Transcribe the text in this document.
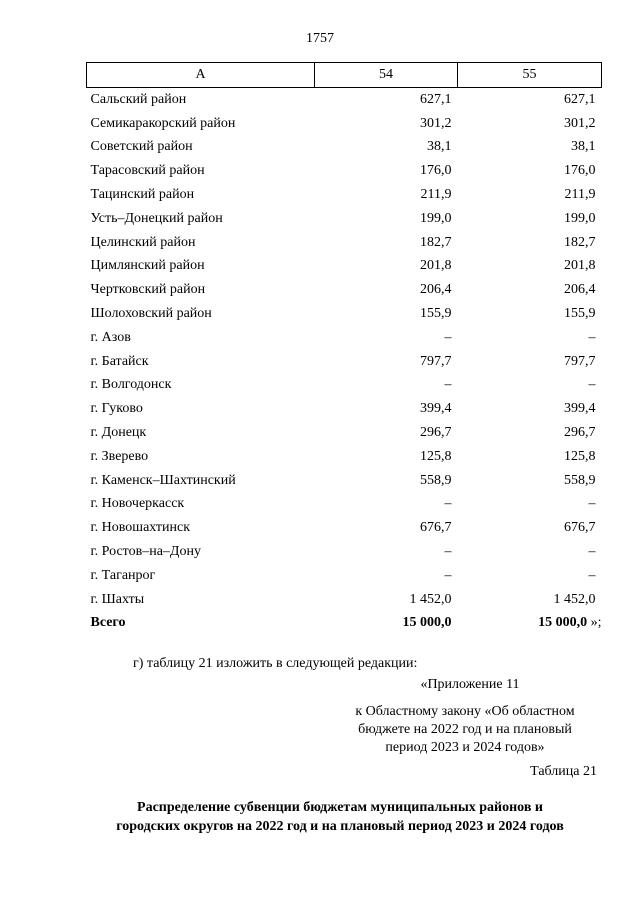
1757
А	54	55
Сальский район	627,1	627,1
Семикаракорский район	301,2	301,2
Советский район	38,1	38,1
Тарасовский район	176,0	176,0
Тацинский район	211,9	211,9
Усть–Донецкий район	199,0	199,0
Целинский район	182,7	182,7
Цимлянский район	201,8	201,8
Чертковский район	206,4	206,4
Шолоховский район	155,9	155,9
г. Азов	–	–
г. Батайск	797,7	797,7
г. Волгодонск	–	–
г. Гуково	399,4	399,4
г. Донецк	296,7	296,7
г. Зверево	125,8	125,8
г. Каменск–Шахтинский	558,9	558,9
г. Новочеркасск	–	–
г. Новошахтинск	676,7	676,7
г. Ростов–на–Дону	–	–
г. Таганрог	–	–
г. Шахты	1 452,0	1 452,0
Всего	15 000,0	15 000,0 »;
г) таблицу 21 изложить в следующей редакции:
«Приложение 11
к Областному закону «Об областном
бюджете на 2022 год и на плановый
период 2023 и 2024 годов»
Таблица 21
Распределение субвенции бюджетам муниципальных районов и
городских округов на 2022 год и на плановый период 2023 и 2024 годов
